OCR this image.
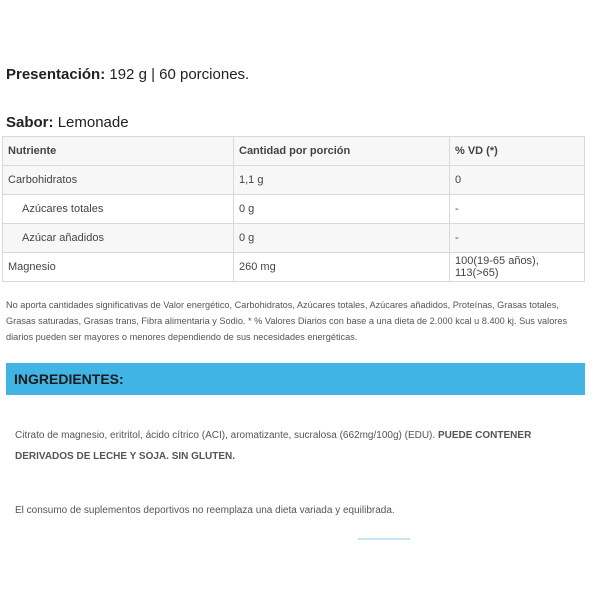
Presentación: 192 g | 60 porciones.
Sabor: Lemonade
Nutriente	Cantidad por porción	% VD (*)
Carbohidratos	1,1 g	0
Azúcares totales	0 g	-
Azúcar añadidos	0 g	-
Magnesio	260 mg	100(19-65 años), 113(>65)
No aporta cantidades significativas de Valor energético, Carbohidratos, Azúcares totales, Azúcares añadidos, Proteínas, Grasas totales, Grasas saturadas, Grasas trans, Fibra alimentaria y Sodio. * % Valores Diarios con base a una dieta de 2.000 kcal u 8.400 kj. Sus valores diarios pueden ser mayores o menores dependiendo de sus necesidades energéticas.
INGREDIENTES:
Citrato de magnesio, eritritol, ácido cítrico (ACI), aromatizante, sucralosa (662mg/100g) (EDU). PUEDE CONTENER DERIVADOS DE LECHE Y SOJA. SIN GLUTEN.
El consumo de suplementos deportivos no reemplaza una dieta variada y equilibrada.
